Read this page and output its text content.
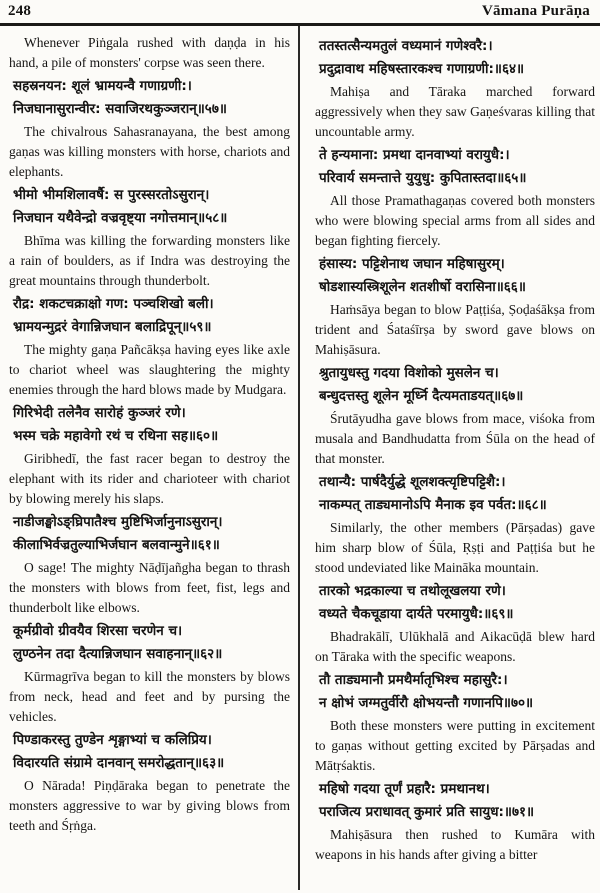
248	Vāmana Purāṇa

Whenever Piṅgala rushed with daṇḍa in his hand, a pile of monsters' corpse was seen there.

सहस्रनयन: शूलं भ्रामयन्वै गणाग्रणी:।
निजघानासुरान्वीर: सवाजिरथकुञ्जरान्॥५७॥

The chivalrous Sahasranayana, the best among gaṇas was killing monsters with horse, chariots and elephants.

भीमो भीमशिलावर्षै: स पुरस्सरतोऽसुरान्।
निजघान यथैवेन्द्रो वज्रवृष्ट्या नगोत्तमान्॥५८॥

Bhīma was killing the forwarding monsters like a rain of boulders, as if Indra was destroying the great mountains through thunderbolt.

रौद्र: शकटचक्राक्षो गण: पञ्चशिखो बली।
भ्रामयन्मुद्ररं वेगान्निजघान बलाद्रिपून्॥५९॥

The mighty gaṇa Pañcākṣa having eyes like axle to chariot wheel was slaughtering the mighty enemies through the hard blows made by Mudgara.

गिरिभेदी तलेनैव सारोहं कुञ्जरं रणे।
भस्म चक्रे महावेगो रथं च रथिना सह॥६०॥

Giribhedī, the fast racer began to destroy the elephant with its rider and charioteer with chariot by blowing merely his slaps.

नाडीजङ्घोऽङ्घ्रिपातैश्च मुष्टिभिर्जानुनाऽसुरान्।
कीलाभिर्वज्रतुल्याभिर्जघान बलवान्मुने॥६१॥

O sage! The mighty Nāḍījañgha began to thrash the monsters with blows from feet, fist, legs and thunderbolt like elbows.

कूर्मग्रीवो ग्रीवयैव शिरसा चरणेन च।
लुण्ठनेन तदा दैत्यान्निजघान सवाहनान्॥६२॥

Kūrmagrīva began to kill the monsters by blows from neck, head and feet and by pursing the vehicles.

पिण्डाकरस्तु तुण्डेन शृङ्गाभ्यां च कलिप्रिय।
विदारयति संग्रामे दानवान् समरोद्धतान्॥६३॥

O Nārada! Piṇḍāraka began to penetrate the monsters aggressive to war by giving blows from teeth and Śṛṅga.

ततस्तत्सैन्यमतुलं वध्यमानं गणेश्वरै:।
प्रदुद्रावाथ महिषस्तारकश्च गणाग्रणी:॥६४॥

Mahiṣa and Tāraka marched forward aggressively when they saw Gaṇeśvaras killing that uncountable army.

ते हन्यमाना: प्रमथा दानवाभ्यां वरायुधै:।
परिवार्य समन्तात्ते युयुधु: कुपितास्तदा॥६५॥

All those Pramathagaṇas covered both monsters who were blowing special arms from all sides and began fighting fiercely.

हंसास्य: पट्टिशेनाथ जघान महिषासुरम्।
षोडशास्यस्त्रिशूलेन शतशीर्षो वरासिना॥६६॥

Haṁsāya began to blow Paṭṭiśa, Ṣoḍaśākṣa from trident and Śataśīrṣa by sword gave blows on Mahiṣāsura.

श्रुतायुधस्तु गदया विशोको मुसलेन च।
बन्धुदत्तस्तु शूलेन मूर्ध्नि दैत्यमताडयत्॥६७॥

Śrutāyudha gave blows from mace, viśoka from musala and Bandhudatta from Śūla on the head of that monster.

तथान्यै: पार्षदैर्युद्धे शूलशक्त्यृष्टिपट्टिशै:।
नाकम्पत् ताड्यमानोऽपि मैनाक इव पर्वत:॥६८॥

Similarly, the other members (Pārṣadas) gave him sharp blow of Śūla, Ṛṣṭi and Paṭṭiśa but he stood undeviated like Maināka mountain.

तारको भद्रकाल्या च तथोलूखलया रणे।
वध्यते चैकचूडाया दार्यते परमायुधै:॥६९॥

Bhadrakālī, Ulūkhalā and Aikacūḍā blew hard on Tāraka with the specific weapons.

तौ ताड्यमानौ प्रमथैर्मातृभिश्च महासुरै:।
न क्षोभं जग्मतुर्वीरौ क्षोभयन्तौ गणानपि॥७०॥

Both these monsters were putting in excitement to gaṇas without getting excited by Pārṣadas and Mātṛśaktis.

महिषो गदया तूर्णं प्रहारै: प्रमथानथ।
पराजित्य प्रराधावत् कुमारं प्रति सायुध:॥७१॥

Mahiṣāsura then rushed to Kumāra with weapons in his hands after giving a bitter
